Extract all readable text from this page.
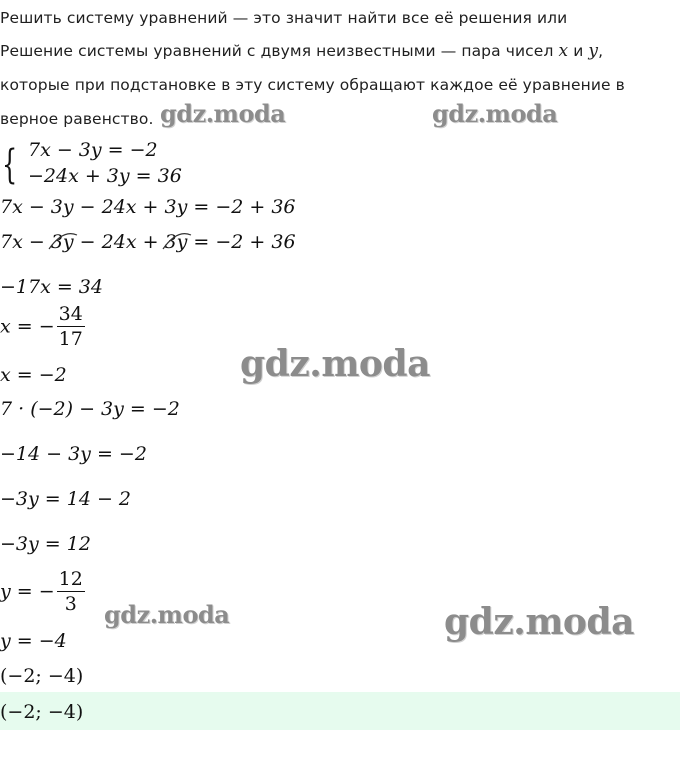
Решить систему уравнений — это значит найти все её решения или
Решение системы уравнений с двумя неизвестными — пара чисел x и y,
которые при подстановке в эту систему обращают каждое её уравнение в
верное равенство.
{ 7x − 3y = −2
−24x + 3y = 36
7x − 3y − 24x + 3y = −2 + 36
7x − 3y
− 24x + 3y
= −2 + 36
−17x = 34
x = − $\frac{34}{17}$
x = −2
7 · (−2) − 3y = −2
−14 − 3y = −2
−3y = 14 − 2
−3y = 12
y = − $\frac{12}{3}$
y = −4
(−2; −4)
(−2; −4)
gdz.moda	gdz.moda
gdz.moda
gdz.moda	gdz.moda
